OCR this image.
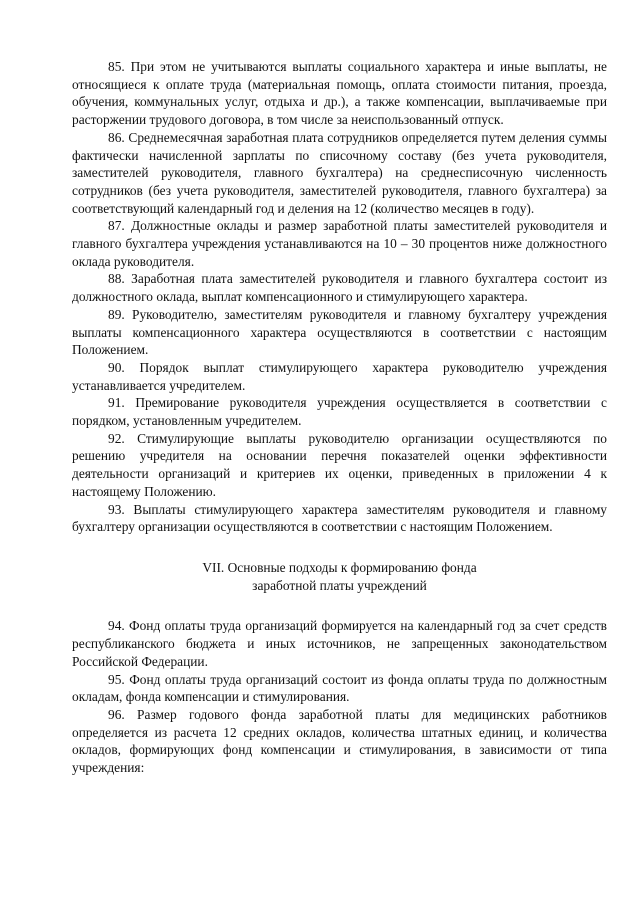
85. При этом не учитываются выплаты социального характера и иные выплаты, не относящиеся к оплате труда (материальная помощь, оплата стоимости питания, проезда, обучения, коммунальных услуг, отдыха и др.), а также компенсации, выплачиваемые при расторжении трудового договора, в том числе за неиспользованный отпуск.

86. Среднемесячная заработная плата сотрудников определяется путем деления суммы фактически начисленной зарплаты по списочному составу (без учета руководителя, заместителей руководителя, главного бухгалтера) на среднесписочную численность сотрудников (без учета руководителя, заместителей руководителя, главного бухгалтера) за соответствующий календарный год и деления на 12 (количество месяцев в году).

87. Должностные оклады и размер заработной платы заместителей руководителя и главного бухгалтера учреждения устанавливаются на 10 – 30 процентов ниже должностного оклада руководителя.

88. Заработная плата заместителей руководителя и главного бухгалтера состоит из должностного оклада, выплат компенсационного и стимулирующего характера.

89. Руководителю, заместителям руководителя и главному бухгалтеру учреждения выплаты компенсационного характера осуществляются в соответствии с настоящим Положением.

90. Порядок выплат стимулирующего характера руководителю учреждения устанавливается учредителем.

91. Премирование руководителя учреждения осуществляется в соответствии с порядком, установленным учредителем.

92. Стимулирующие выплаты руководителю организации осуществляются по решению учредителя на основании перечня показателей оценки эффективности деятельности организаций и критериев их оценки, приведенных в приложении 4 к настоящему Положению.

93. Выплаты стимулирующего характера заместителям руководителя и главному бухгалтеру организации осуществляются в соответствии с настоящим Положением.

VII. Основные подходы к формированию фонда
заработной платы учреждений

94. Фонд оплаты труда организаций формируется на календарный год за счет средств республиканского бюджета и иных источников, не запрещенных законодательством Российской Федерации.

95. Фонд оплаты труда организаций состоит из фонда оплаты труда по должностным окладам, фонда компенсации и стимулирования.

96. Размер годового фонда заработной платы для медицинских работников определяется из расчета 12 средних окладов, количества штатных единиц, и количества окладов, формирующих фонд компенсации и стимулирования, в зависимости от типа учреждения:
